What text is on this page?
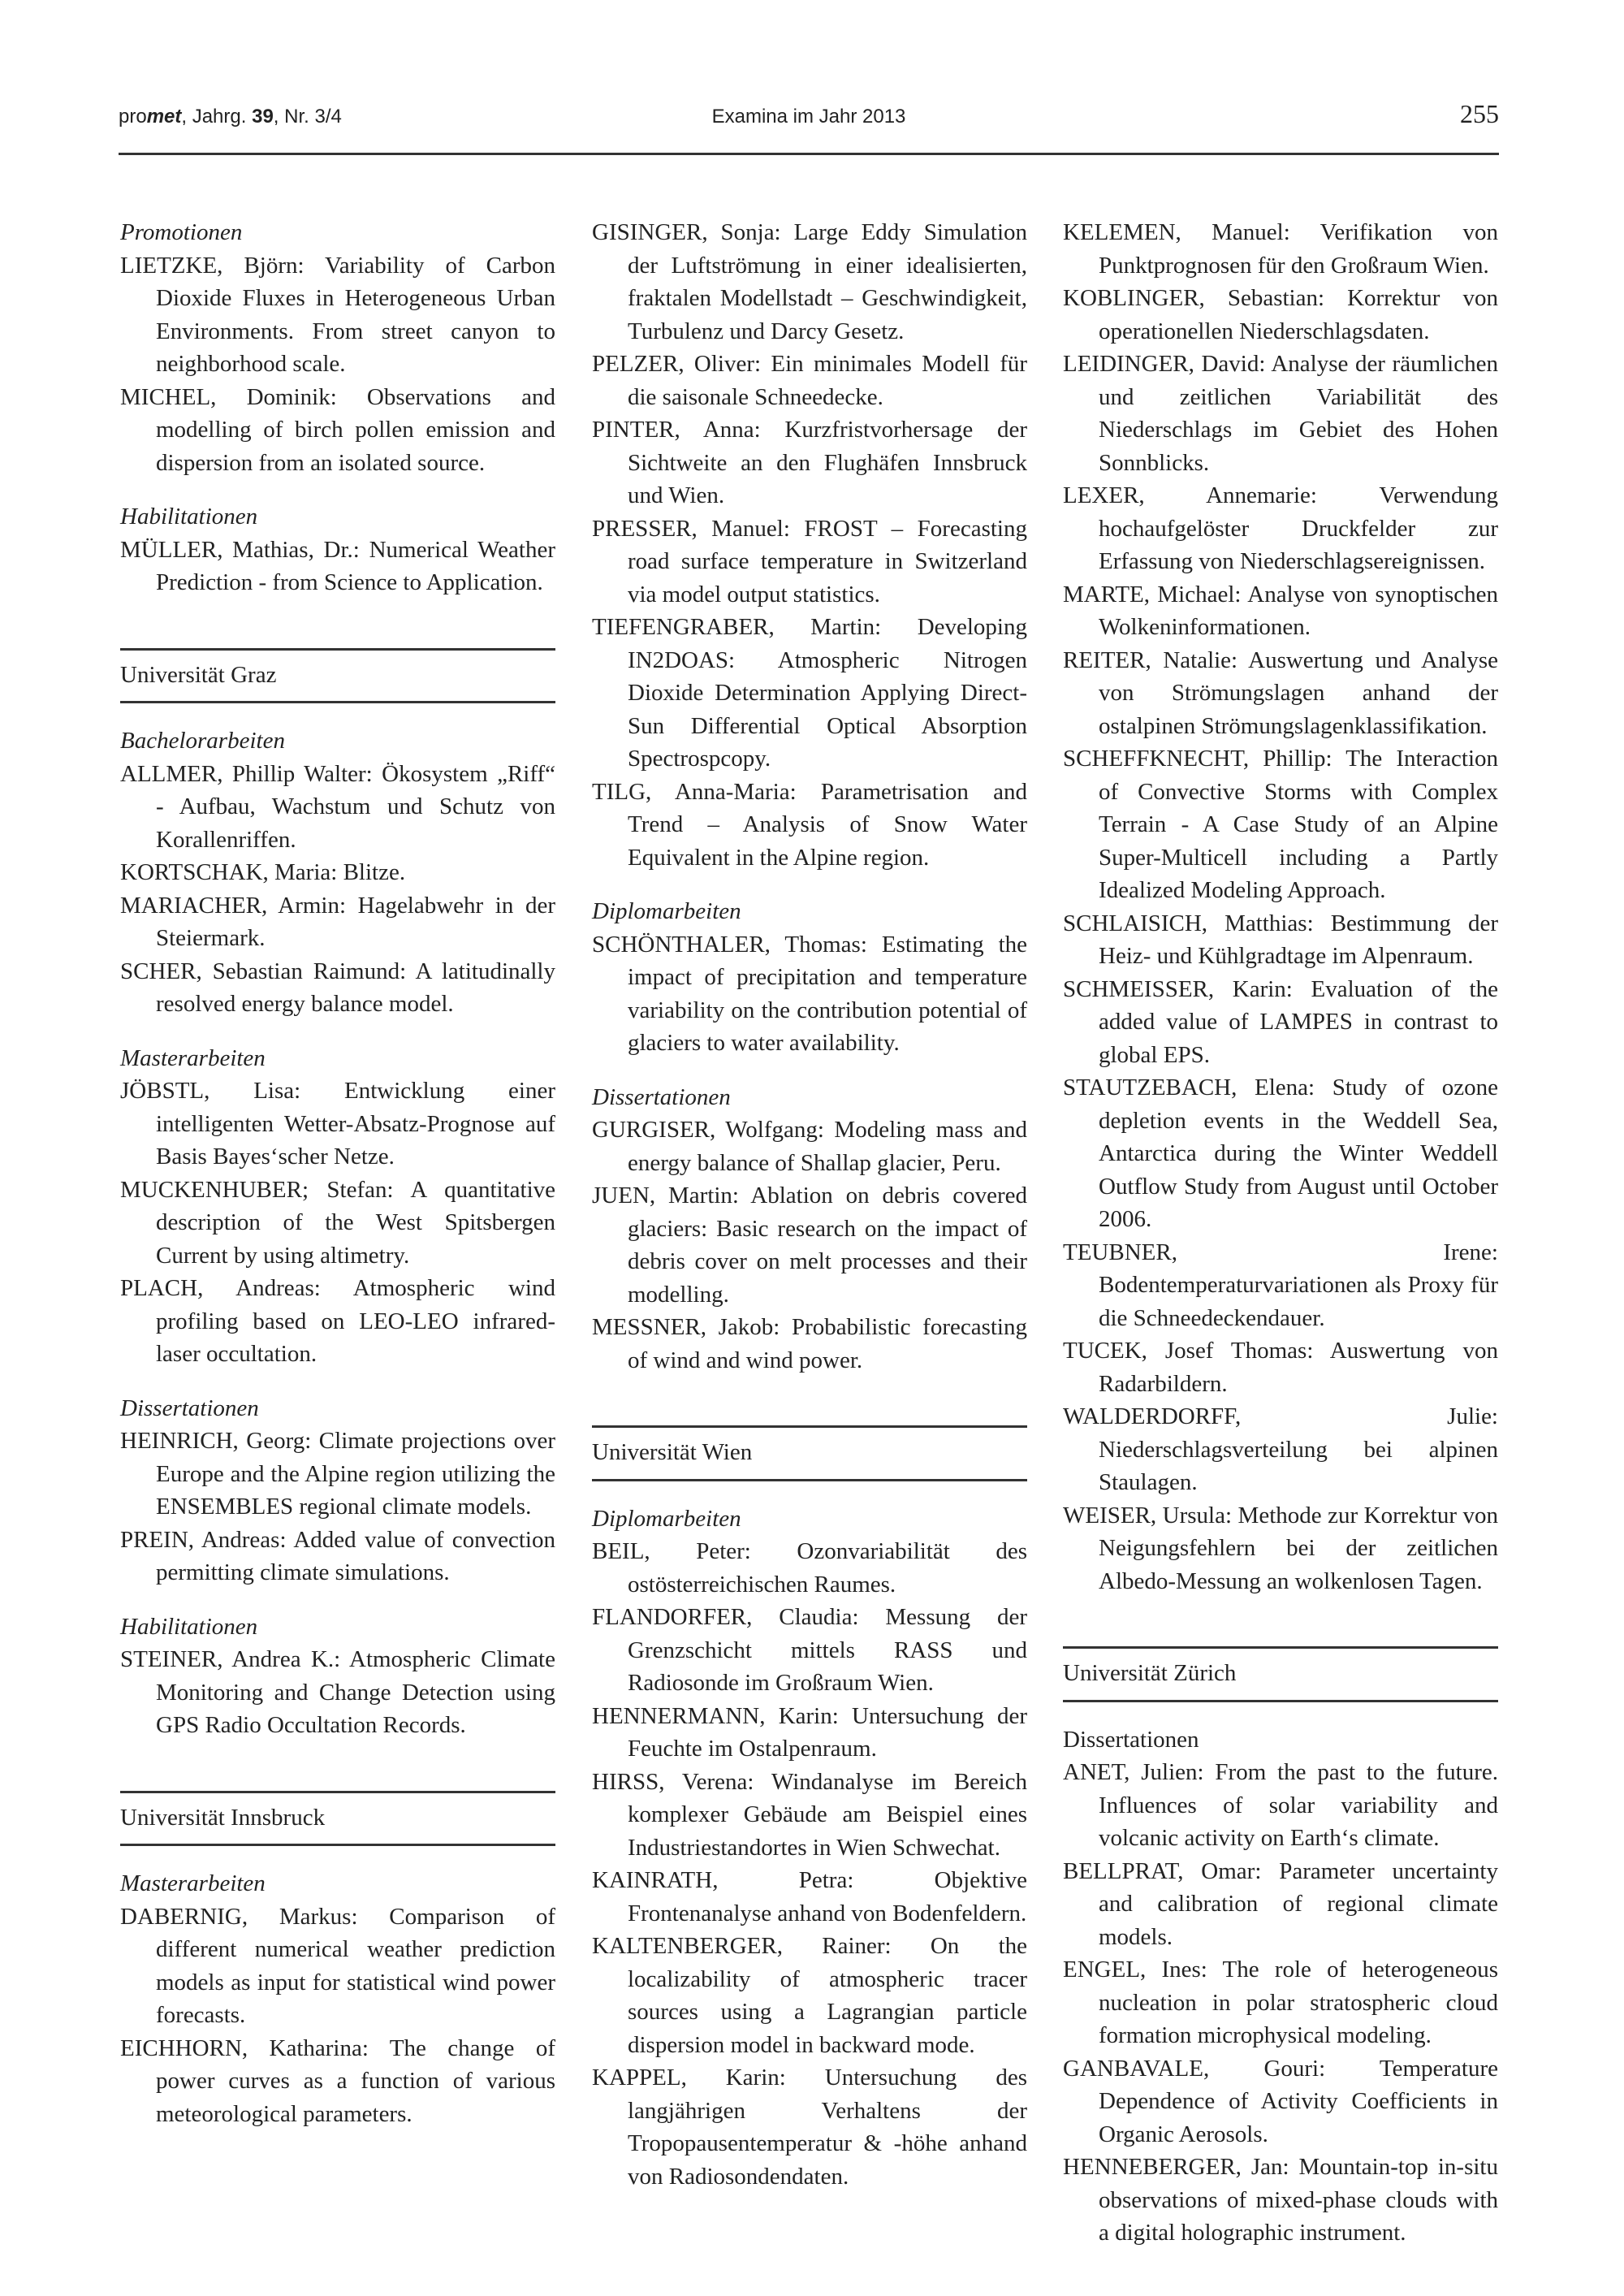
promet, Jahrg. 39, Nr. 3/4	Examina im Jahr 2013	255
Promotionen
LIETZKE, Björn: Variability of Carbon Dioxide Fluxes in Heterogeneous Urban Environments. From street canyon to neighborhood scale.
MICHEL, Dominik: Observations and modelling of birch pollen emission and dispersion from an isolated source.
Habilitationen
MÜLLER, Mathias, Dr.: Numerical Weather Prediction - from Science to Application.
Universität Graz
Bachelorarbeiten
ALLMER, Phillip Walter: Ökosystem „Riff“ - Aufbau, Wachstum und Schutz von Korallenriffen.
KORTSCHAK, Maria: Blitze.
MARIACHER, Armin: Hagelabwehr in der Steiermark.
SCHER, Sebastian Raimund: A latitudinally resolved energy balance model.
Masterarbeiten
JÖBSTL, Lisa: Entwicklung einer intelligenten Wetter-Absatz-Prognose auf Basis Bayes‘scher Netze.
MUCKENHUBER; Stefan: A quantitative description of the West Spitsbergen Current by using altimetry.
PLACH, Andreas: Atmospheric wind profiling based on LEO-LEO infrared-laser occultation.
Dissertationen
HEINRICH, Georg: Climate projections over Europe and the Alpine region utilizing the ENSEMBLES regional climate models.
PREIN, Andreas: Added value of convection permitting climate simulations.
Habilitationen
STEINER, Andrea K.: Atmospheric Climate Monitoring and Change Detection using GPS Radio Occultation Records.
Universität Innsbruck
Masterarbeiten
DABERNIG, Markus: Comparison of different numerical weather prediction models as input for statistical wind power forecasts.
EICHHORN, Katharina: The change of power curves as a function of various meteorological parameters.
GISINGER, Sonja: Large Eddy Simulation der Luftströmung in einer idealisierten, fraktalen Modellstadt – Geschwindigkeit, Turbulenz und Darcy Gesetz.
PELZER, Oliver: Ein minimales Modell für die saisonale Schneedecke.
PINTER, Anna: Kurzfristvorhersage der Sichtweite an den Flughäfen Innsbruck und Wien.
PRESSER, Manuel: FROST – Forecasting road surface temperature in Switzerland via model output statistics.
TIEFENGRABER, Martin: Developing IN2DOAS: Atmospheric Nitrogen Dioxide Determination Applying Direct-Sun Differential Optical Absorption Spectrospcopy.
TILG, Anna-Maria: Parametrisation and Trend – Analysis of Snow Water Equivalent in the Alpine region.
Diplomarbeiten
SCHÖNTHALER, Thomas: Estimating the impact of precipitation and temperature variability on the contribution potential of glaciers to water availability.
Dissertationen
GURGISER, Wolfgang: Modeling mass and energy balance of Shallap glacier, Peru.
JUEN, Martin: Ablation on debris covered glaciers: Basic research on the impact of debris cover on melt processes and their modelling.
MESSNER, Jakob: Probabilistic forecasting of wind and wind power.
Universität Wien
Diplomarbeiten
BEIL, Peter: Ozonvariabilität des ostösterreichischen Raumes.
FLANDORFER, Claudia: Messung der Grenzschicht mittels RASS und Radiosonde im Großraum Wien.
HENNERMANN, Karin: Untersuchung der Feuchte im Ostalpenraum.
HIRSS, Verena: Windanalyse im Bereich komplexer Gebäude am Beispiel eines Industriestandortes in Wien Schwechat.
KAINRATH, Petra:	Objektive Frontenanalyse anhand von Bodenfeldern.
KALTENBERGER, Rainer: On the localizability of atmospheric tracer sources using a Lagrangian particle dispersion model in backward mode.
KAPPEL, Karin: Untersuchung des langjährigen Verhaltens der Tropopausentemperatur & -höhe anhand von Radiosondendaten.
KELEMEN, Manuel: Verifikation von Punktprognosen für den Großraum Wien.
KOBLINGER, Sebastian: Korrektur von operationellen Niederschlagsdaten.
LEIDINGER, David: Analyse der räumlichen und zeitlichen Variabilität des Niederschlags im Gebiet des Hohen Sonnblicks.
LEXER, Annemarie:	Verwendung hochaufgelöster Druckfelder zur Erfassung von Niederschlagsereignissen.
MARTE, Michael: Analyse von synoptischen Wolkeninformationen.
REITER, Natalie: Auswertung und Analyse von Strömungslagen anhand der ostalpinen Strömungslagenklassifikation.
SCHEFFKNECHT, Phillip: The Interaction of Convective Storms with Complex Terrain - A Case Study of an Alpine Super-Multicell including a Partly Idealized Modeling Approach.
SCHLAISICH, Matthias: Bestimmung der Heiz- und Kühlgradtage im Alpenraum.
SCHMEISSER, Karin: Evaluation of the added value of LAMPES in contrast to global EPS.
STAUTZEBACH, Elena: Study of ozone depletion events in the Weddell Sea, Antarctica during the Winter Weddell Outflow Study from August until October 2006.
TEUBNER, Irene: Bodentemperaturvariationen als Proxy für die Schneedeckendauer.
TUCEK, Josef Thomas: Auswertung von Radarbildern.
WALDERDORFF, Julie: Niederschlagsverteilung bei alpinen Staulagen.
WEISER, Ursula: Methode zur Korrektur von Neigungsfehlern bei der zeitlichen Albedo-Messung an wolkenlosen Tagen.
Universität Zürich
Dissertationen
ANET, Julien: From the past to the future. Influences of solar variability and volcanic activity on Earth‘s climate.
BELLPRAT, Omar: Parameter uncertainty and calibration of regional climate models.
ENGEL, Ines: The role of heterogeneous nucleation in polar stratospheric cloud formation microphysical modeling.
GANBAVALE, Gouri: Temperature Dependence of Activity Coefficients in Organic Aerosols.
HENNEBERGER, Jan: Mountain-top in-situ observations of mixed-phase clouds with a digital holographic instrument.
